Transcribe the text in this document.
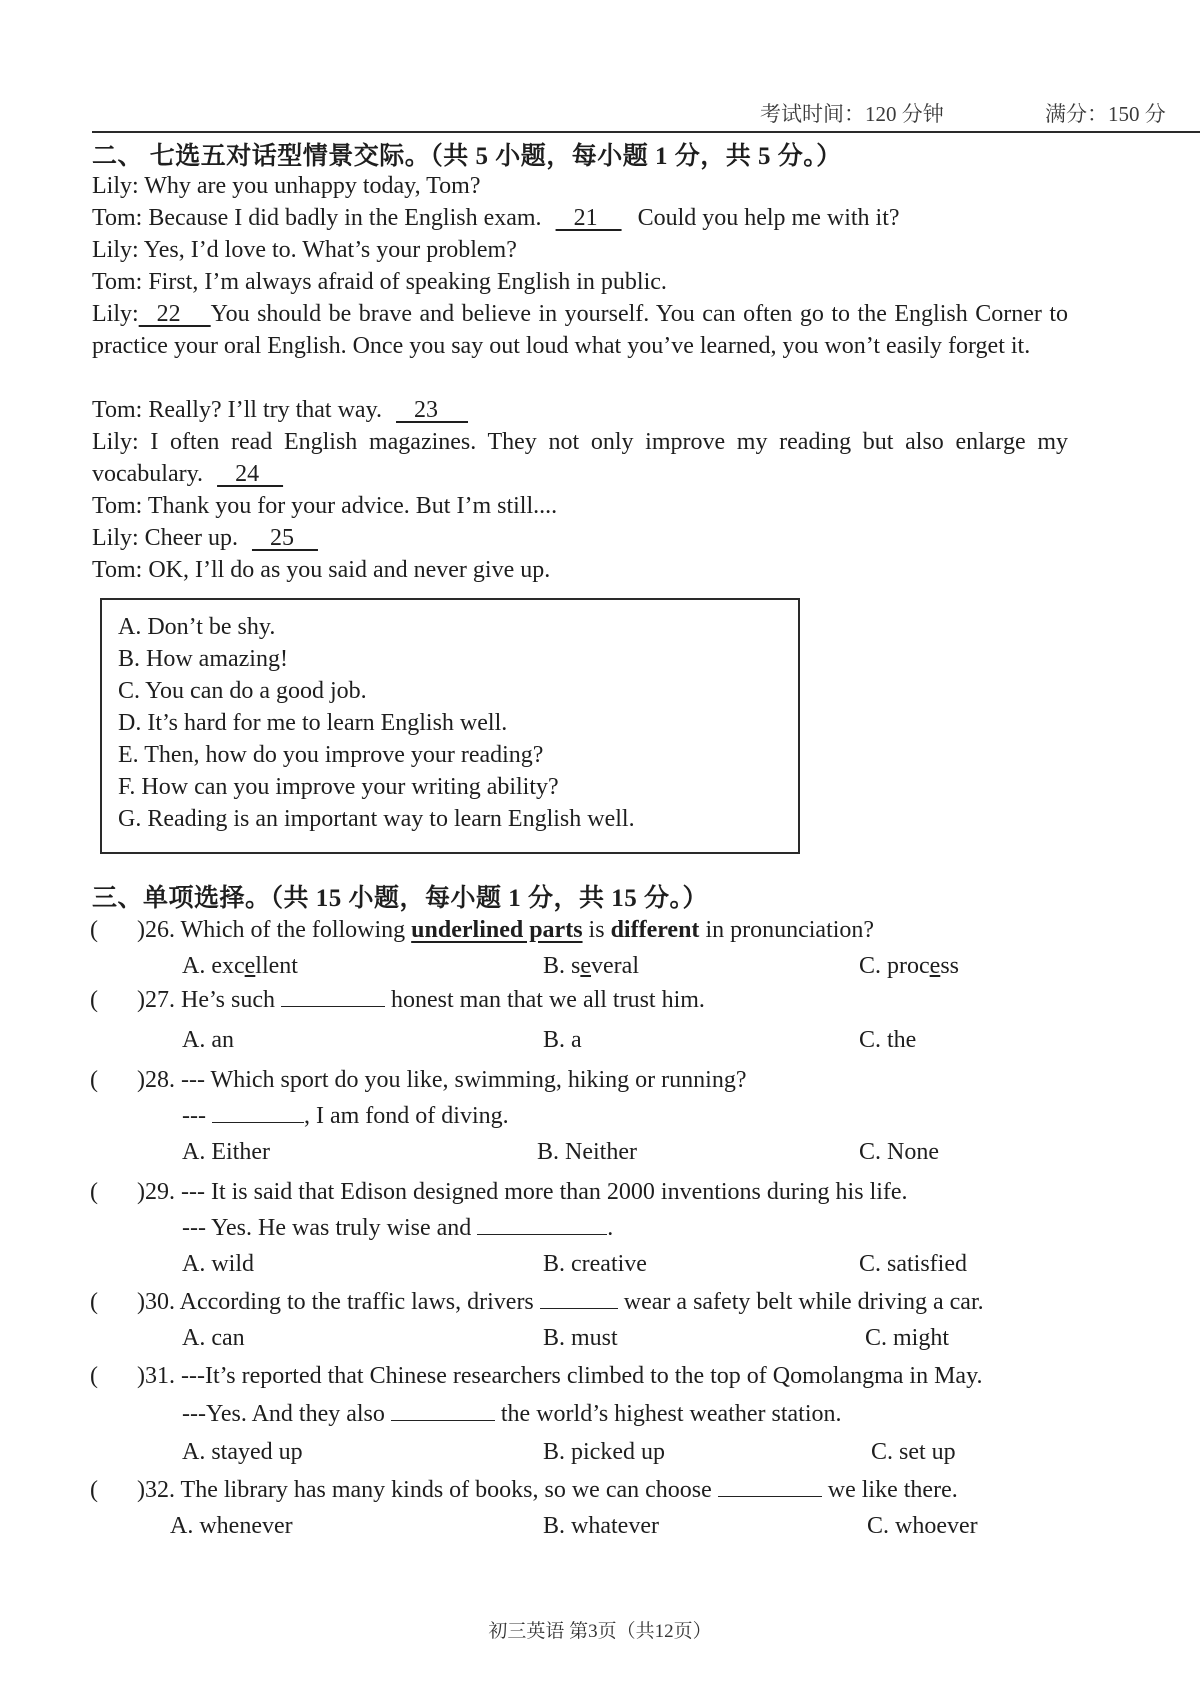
考试时间：120 分钟	满分：150 分
二、 七选五对话型情景交际。（共 5 小题，每小题 1 分，共 5 分。）
Lily: Why are you unhappy today, Tom?
Tom: Because I did badly in the English exam.    21     Could you help me with it?
Lily: Yes, I’d love to. What’s your problem?
Tom: First, I’m always afraid of speaking English in public.
Lily:   22     You should be brave and believe in yourself. You can often go to the English Corner to practice your oral English. Once you say out loud what you’ve learned, you won’t easily forget it.
Tom: Really? I’ll try that way.    23
Lily: I often read English magazines. They not only improve my reading but also enlarge my vocabulary.    24
Tom: Thank you for your advice. But I’m still....
Lily: Cheer up.    25
Tom: OK, I’ll do as you said and never give up.
A. Don’t be shy.
B. How amazing!
C. You can do a good job.
D. It’s hard for me to learn English well.
E. Then, how do you improve your reading?
F. How can you improve your writing ability?
G. Reading is an important way to learn English well.
三、单项选择。（共 15 小题，每小题 1 分，共 15 分。）
( )26. Which of the following underlined parts is different in pronunciation?
A. excellent	B. several	C. process
( )27. He’s such	honest man that we all trust him.
A. an	B. a	C. the
( )28. --- Which sport do you like, swimming, hiking or running?
---	, I am fond of diving.
A. Either	B. Neither	C. None
( )29. --- It is said that Edison designed more than 2000 inventions during his life.
--- Yes. He was truly wise and	.
A. wild	B. creative	C. satisfied
( )30. According to the traffic laws, drivers	wear a safety belt while driving a car.
A. can	B. must	C. might
( )31. ---It’s reported that Chinese researchers climbed to the top of Qomolangma in May.
---Yes. And they also	the world’s highest weather station.
A. stayed up	B. picked up	C. set up
( )32. The library has many kinds of books, so we can choose	we like there.
A. whenever	B. whatever	C. whoever
初三英语 第3页（共12页）
